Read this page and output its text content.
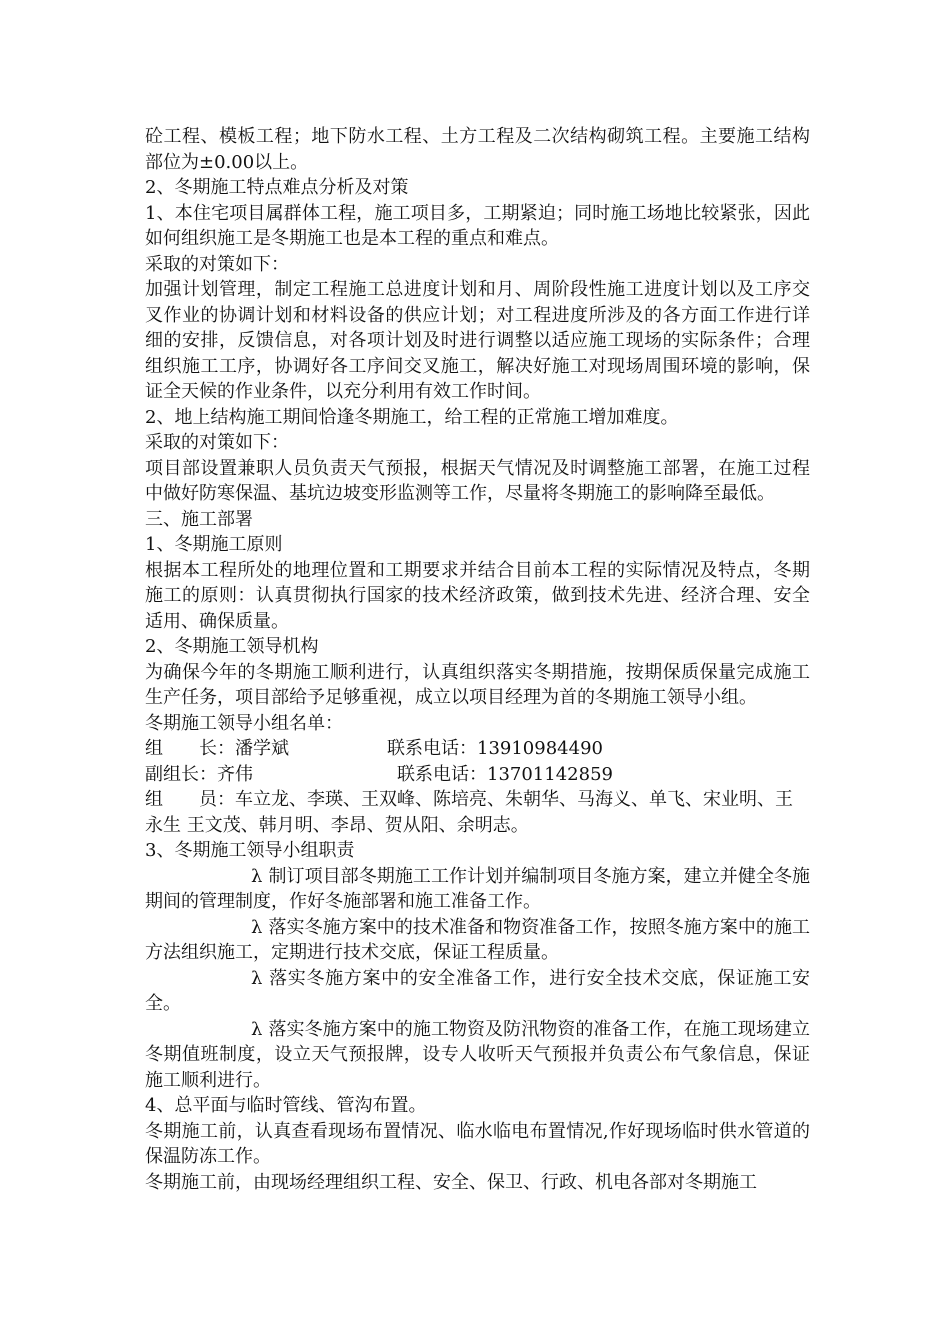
砼工程、模板工程；地下防水工程、土方工程及二次结构砌筑工程。主要施工结构部位为±0.00以上。

2、冬期施工特点难点分析及对策

1、本住宅项目属群体工程，施工项目多，工期紧迫；同时施工场地比较紧张，因此如何组织施工是冬期施工也是本工程的重点和难点。

采取的对策如下：

加强计划管理，制定工程施工总进度计划和月、周阶段性施工进度计划以及工序交叉作业的协调计划和材料设备的供应计划；对工程进度所涉及的各方面工作进行详细的安排，反馈信息，对各项计划及时进行调整以适应施工现场的实际条件；合理组织施工工序，协调好各工序间交叉施工，解决好施工对现场周围环境的影响，保证全天候的作业条件，以充分利用有效工作时间。

2、地上结构施工期间恰逢冬期施工，给工程的正常施工增加难度。

采取的对策如下：

项目部设置兼职人员负责天气预报，根据天气情况及时调整施工部署，在施工过程中做好防寒保温、基坑边坡变形监测等工作，尽量将冬期施工的影响降至最低。

三、施工部署

1、冬期施工原则

根据本工程所处的地理位置和工期要求并结合目前本工程的实际情况及特点，冬期施工的原则：认真贯彻执行国家的技术经济政策，做到技术先进、经济合理、安全适用、确保质量。

2、冬期施工领导机构

为确保今年的冬期施工顺利进行，认真组织落实冬期措施，按期保质保量完成施工生产任务，项目部给予足够重视，成立以项目经理为首的冬期施工领导小组。

冬期施工领导小组名单：

组　　长：潘学斌	联系电话：13910984490

副组长：齐伟	联系电话：13701142859

组　　员：车立龙、李瑛、王双峰、陈培亮、朱朝华、马海义、单飞、宋业明、王永生 王文茂、韩月明、李昂、贺从阳、余明志。

3、冬期施工领导小组职责

λ 制订项目部冬期施工工作计划并编制项目冬施方案，建立并健全冬施期间的管理制度，作好冬施部署和施工准备工作。

λ 落实冬施方案中的技术准备和物资准备工作，按照冬施方案中的施工方法组织施工，定期进行技术交底，保证工程质量。

λ 落实冬施方案中的安全准备工作，进行安全技术交底，保证施工安全。

λ 落实冬施方案中的施工物资及防汛物资的准备工作，在施工现场建立冬期值班制度，设立天气预报牌，设专人收听天气预报并负责公布气象信息，保证施工顺利进行。

4、总平面与临时管线、管沟布置。

冬期施工前，认真查看现场布置情况、临水临电布置情况,作好现场临时供水管道的保温防冻工作。

冬期施工前，由现场经理组织工程、安全、保卫、行政、机电各部对冬期施工
